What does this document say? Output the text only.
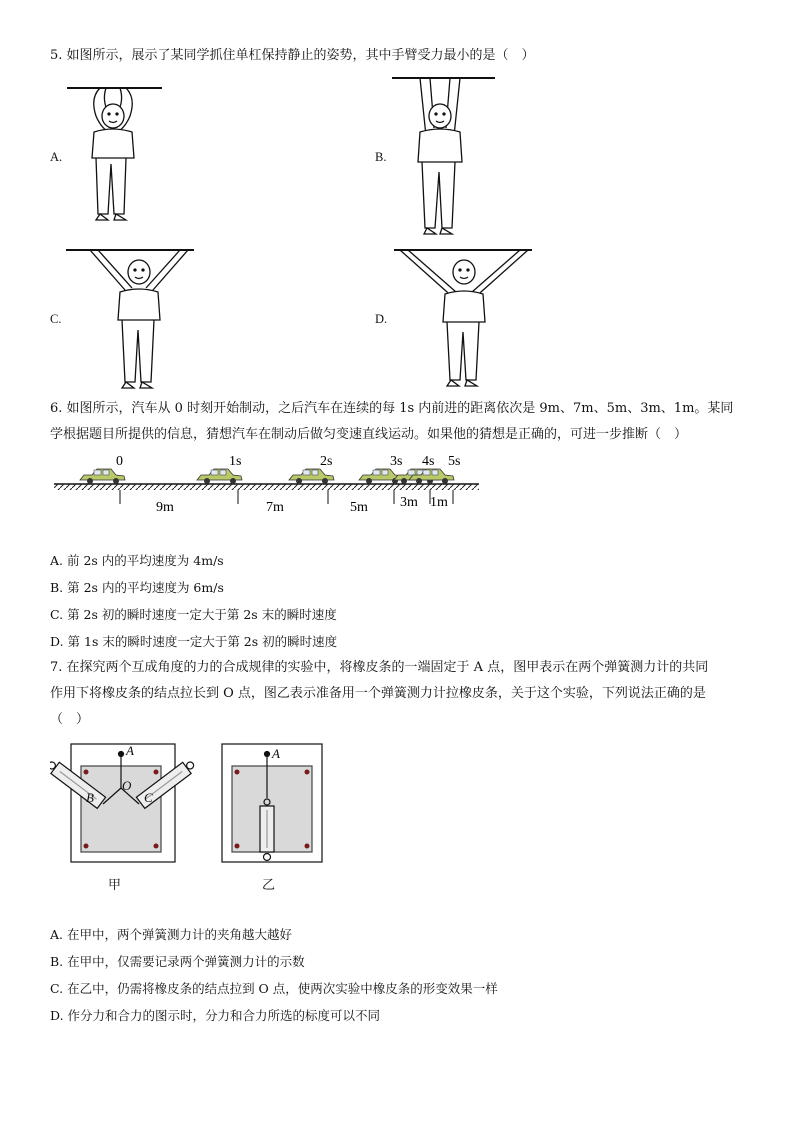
5. 如图所示，展示了某同学抓住单杠保持静止的姿势，其中手臂受力最小的是（　）
A.	B.
C.	D.
6. 如图所示，汽车从 0 时刻开始制动，之后汽车在连续的每 1s 内前进的距离依次是 9m、7m、5m、3m、1m。某同
学根据题目所提供的信息，猜想汽车在制动后做匀变速直线运动。如果他的猜想是正确的，可进一步推断（　）
0	1s	2s	3s 4s 5s
9m	7m	5m 3m 1m
A. 前 2s 内的平均速度为 4m/s
B. 第 2s 内的平均速度为 6m/s
C. 第 2s 初的瞬时速度一定大于第 2s 末的瞬时速度
D. 第 1s 末的瞬时速度一定大于第 2s 初的瞬时速度
7. 在探究两个互成角度的力的合成规律的实验中，将橡皮条的一端固定于 A 点，图甲表示在两个弹簧测力计的共同
作用下将橡皮条的结点拉长到 O 点，图乙表示准备用一个弹簧测力计拉橡皮条，关于这个实验，下列说法正确的是
（　）
A
O
B	C
甲
A
乙
A. 在甲中，两个弹簧测力计的夹角越大越好
B. 在甲中，仅需要记录两个弹簧测力计的示数
C. 在乙中，仍需将橡皮条的结点拉到 O 点，使两次实验中橡皮条的形变效果一样
D. 作分力和合力的图示时，分力和合力所选的标度可以不同
